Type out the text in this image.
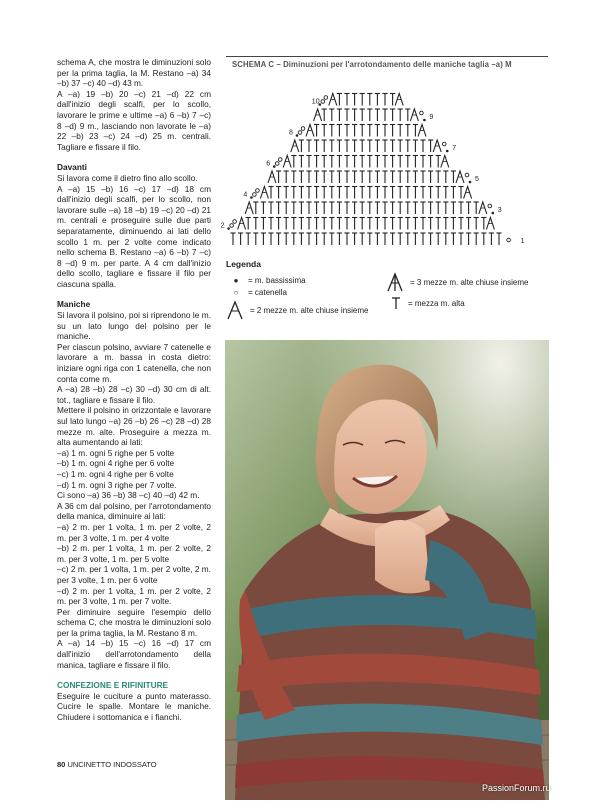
schema A, che mostra le diminuzioni solo per la prima taglia, la M. Restano –a) 34 –b) 37 –c) 40 –d) 43 m.

A –a) 19 –b) 20 –c) 21 –d) 22 cm dall'inizio degli scalfi, per lo scollo, lavorare le prime e ultime –a) 6 –b) 7 –c) 8 –d) 9 m., lasciando non lavorate le –a) 22 –b) 23 –c) 24 –d) 25 m. centrali. Tagliare e fissare il filo.

Davanti

Si lavora come il dietro fino allo scollo.

A –a) 15 –b) 16 –c) 17 –d) 18 cm dall'inizio degli scalfi, per lo scollo, non lavorare sulle –a) 18 –b) 19 –c) 20 –d) 21 m. centrali e proseguire sulle due parti separatamente, diminuendo ai lati dello scollo 1 m. per 2 volte come indicato nello schema B. Restano –a) 6 –b) 7 –c) 8 –d) 9 m. per parte. A 4 cm dall'inizio dello scollo, tagliare e fissare il filo per ciascuna spalla.

Maniche

Si lavora il polsino, poi si riprendono le m. su un lato lungo del polsino per le maniche.

Per ciascun polsino, avviare 7 catenelle e lavorare a m. bassa in costa dietro: iniziare ogni riga con 1 catenella, che non conta come m.

A –a) 28 –b) 28 –c) 30 –d) 30 cm di alt. tot., tagliare e fissare il filo.

Mettere il polsino in orizzontale e lavorare sul lato lungo –a) 26 –b) 26 –c) 28 –d) 28 mezze m. alte. Proseguire a mezza m. alta aumentando ai lati:

–a) 1 m. ogni 5 righe per 5 volte

–b) 1 m. ogni 4 righe per 6 volte

–c) 1 m. ogni 4 righe per 6 volte

–d) 1 m. ogni 3 righe per 7 volte.

Ci sono –a) 36 –b) 38 –c) 40 –d) 42 m.

A 36 cm dal polsino, per l'arrotondamento della manica, diminuire ai lati:

–a) 2 m. per 1 volta, 1 m. per 2 volte, 2 m. per 3 volte, 1 m. per 4 volte

–b) 2 m. per 1 volta, 1 m. per 2 volte, 2 m. per 3 volte, 1 m. per 5 volte

–c) 2 m. per 1 volta, 1 m. per 2 volte, 2 m. per 3 volte, 1 m. per 6 volte

–d) 2 m. per 1 volta, 1 m. per 2 volte, 2 m. per 3 volte, 1 m. per 7 volte.

Per diminuire seguire l'esempio dello schema C, che mostra le diminuzioni solo per la prima taglia, la M. Restano 8 m.

A –a) 14 –b) 15 –c) 16 –d) 17 cm dall'inizio dell'arrotondamento della manica, tagliare e fissare il filo.

CONFEZIONE E RIFINITURE

Eseguire le cuciture a punto materasso. Cucire le spalle. Montare le maniche. Chiudere i sottomanica e i fianchi.

SCHEMA C – Diminuzioni per l'arrotondamento delle maniche taglia –a) M
1
2
3
4
5
6
7
8
9
10
Legenda
●	= m. bassissima
○	= catenella
= 2 mezze m. alte chiuse insieme
= 3 mezze m. alte chiuse insieme
= mezza m. alta
80 UNCINETTO INDOSSATO
PassionForum.ru
